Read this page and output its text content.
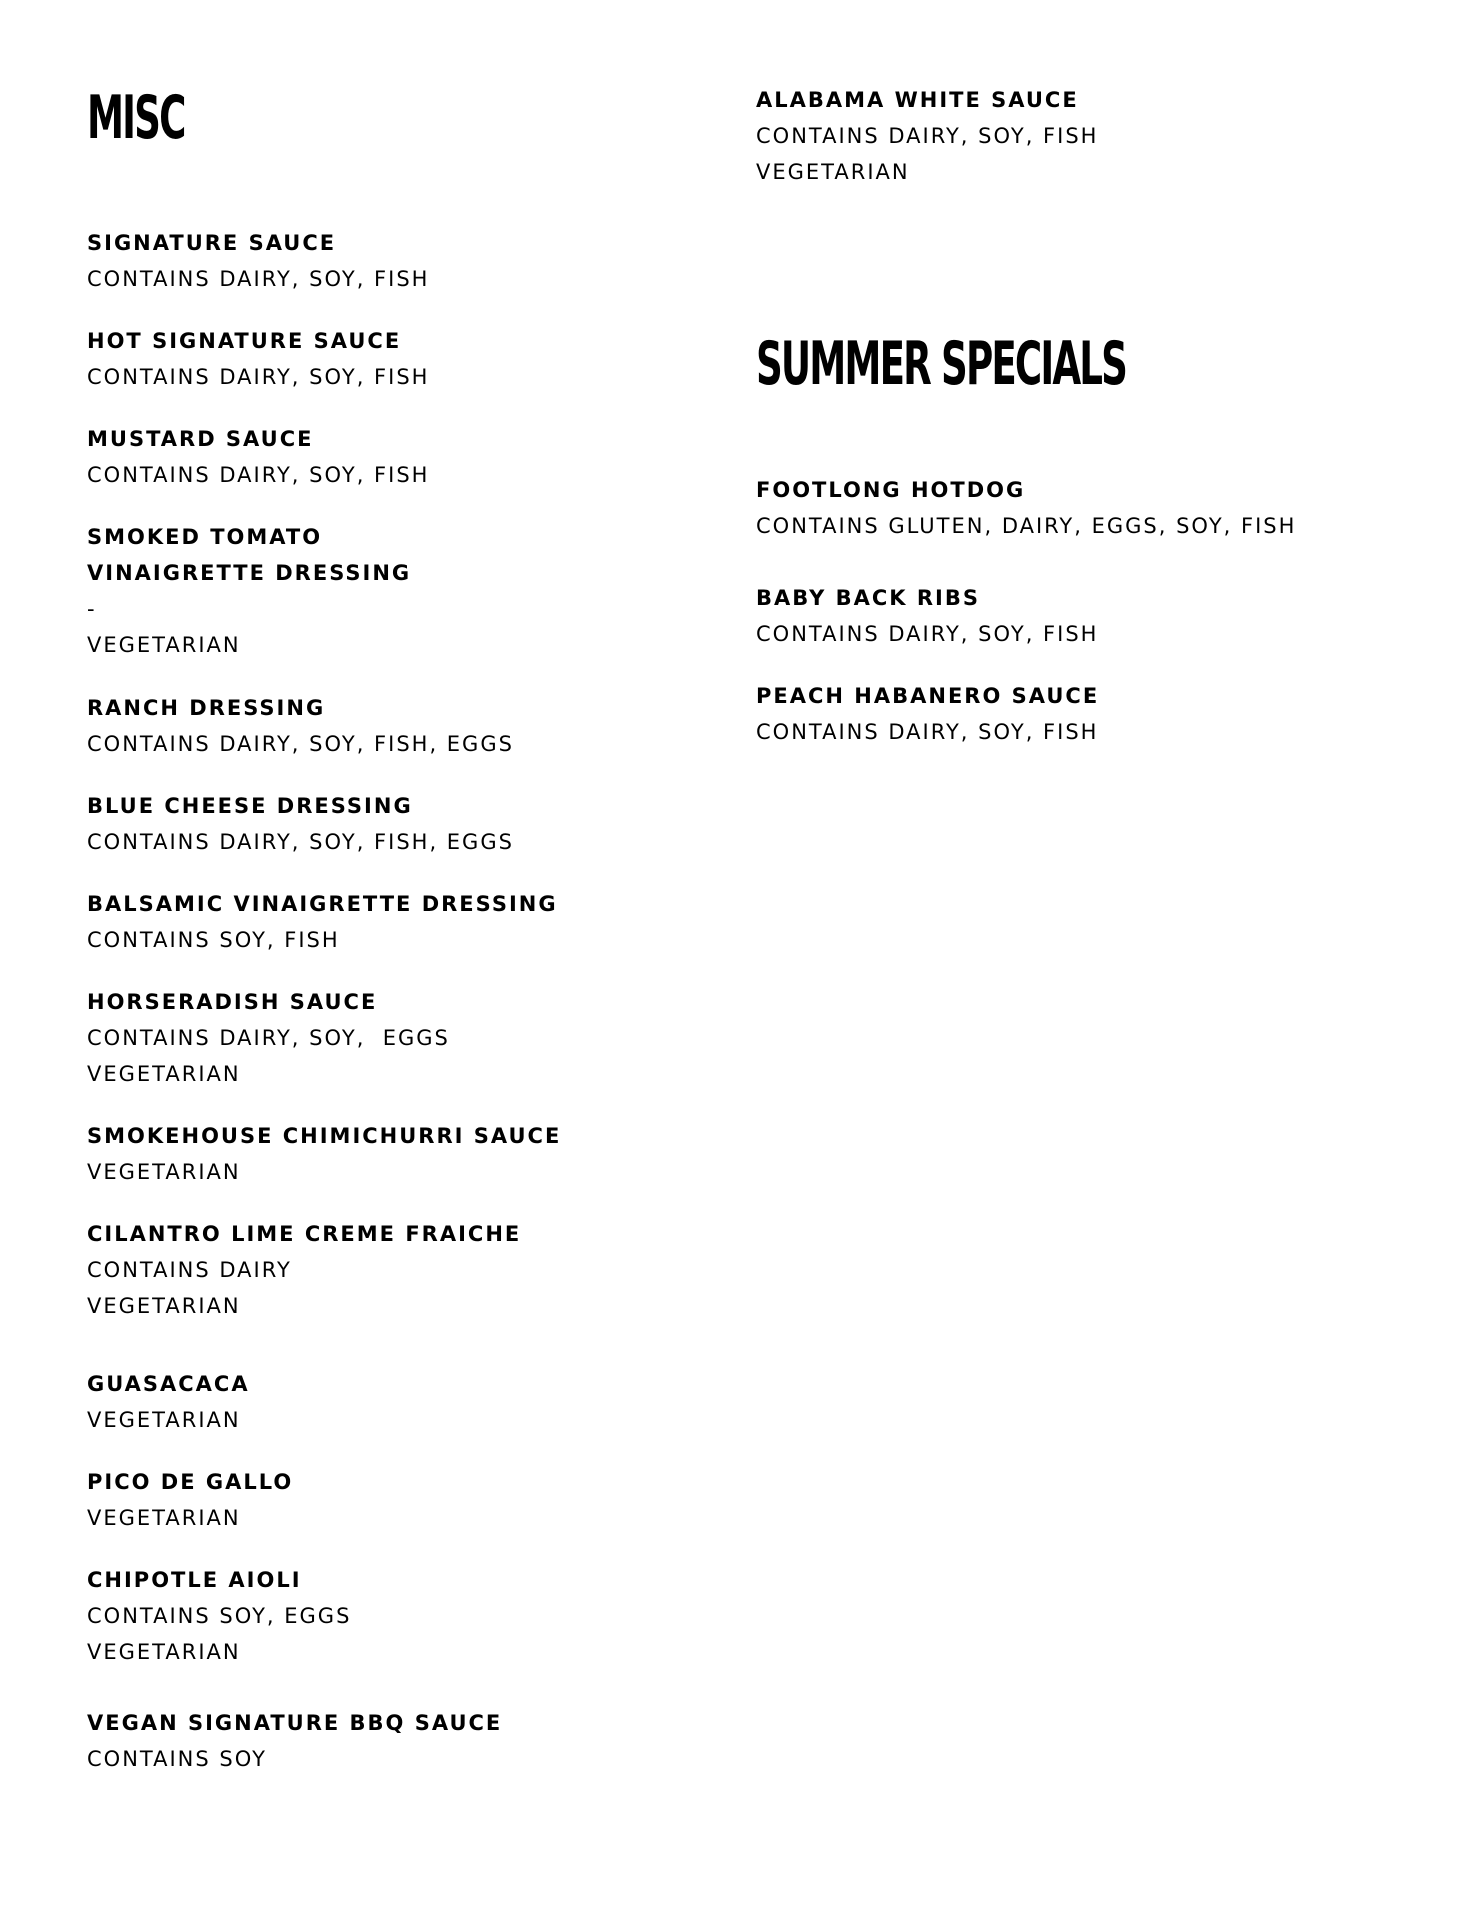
MISC
SIGNATURE SAUCE
CONTAINS DAIRY, SOY, FISH
HOT SIGNATURE SAUCE
CONTAINS DAIRY, SOY, FISH
MUSTARD SAUCE
CONTAINS DAIRY, SOY, FISH
SMOKED TOMATO
VINAIGRETTE DRESSING
-
VEGETARIAN
RANCH DRESSING
CONTAINS DAIRY, SOY, FISH, EGGS
BLUE CHEESE DRESSING
CONTAINS DAIRY, SOY, FISH, EGGS
BALSAMIC VINAIGRETTE DRESSING
CONTAINS SOY, FISH
HORSERADISH SAUCE
CONTAINS DAIRY, SOY,  EGGS
VEGETARIAN
SMOKEHOUSE CHIMICHURRI SAUCE
VEGETARIAN
CILANTRO LIME CREME FRAICHE
CONTAINS DAIRY
VEGETARIAN
GUASACACA
VEGETARIAN
PICO DE GALLO
VEGETARIAN
CHIPOTLE AIOLI
CONTAINS SOY, EGGS
VEGETARIAN
VEGAN SIGNATURE BBQ SAUCE
CONTAINS SOY
ALABAMA WHITE SAUCE
CONTAINS DAIRY, SOY, FISH
VEGETARIAN
SUMMER SPECIALS
FOOTLONG HOTDOG
CONTAINS GLUTEN, DAIRY, EGGS, SOY, FISH
BABY BACK RIBS
CONTAINS DAIRY, SOY, FISH
PEACH HABANERO SAUCE
CONTAINS DAIRY, SOY, FISH
